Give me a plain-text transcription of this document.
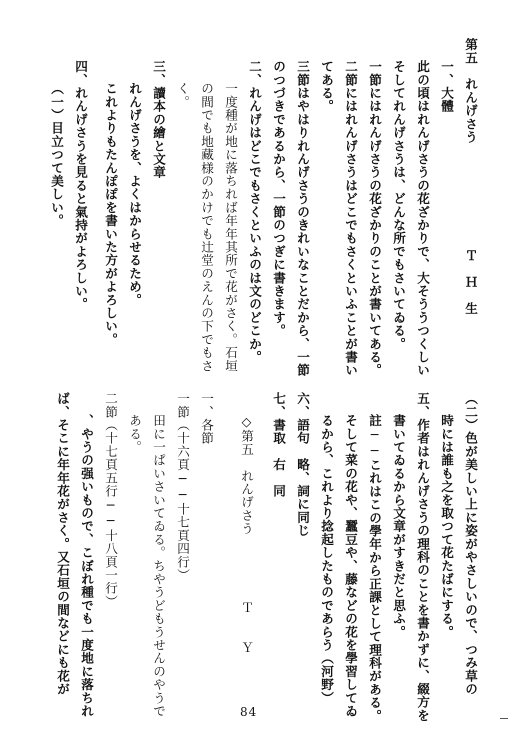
第五　れんげさう　　　　　　　　Ｔ　Ｈ　生
一、大體
此の頃はれんげさうの花ざかりで、大そううつくしい
そしてれんげさうは、どんな所でもさいてゐる。
一節にはれんげさうの花ざかりのことが書いてある。
二節にはれんげさうはどこでもさくといふことが書い
てある。
三節はやはりれんげさうのきれいなことだから、一節
のつづきであるから、一節のつぎに書きます。
二、れんげはどこでもさくといふのは文のどこか。
一度種が地に落ちれば年年其所で花がさく。石垣
の間でも地藏様のかけでも辻堂のえんの下でもさ
く。
三、讀本の繪と文章
れんげさうを、よくはからせるため。
これよりもたんぽぽを書いた方がよろしい。
四、れんげさうを見ると氣持がよろしい。
（一）目立つて美しい。
（二）色が美しい上に姿がやさしいので、つみ草の
時には誰も之を取つて花たばにする。
五、作者はれんげさうの理科のことを書かずに、綴方を
書いてゐるから文章がすきだと思ふ。
註──これはこの學年から正課として理科がある。
そして菜の花や、蠶豆や、藤などの花を學習してゐ
るから、これより捻起したものであらう（河野）
六、語句　略、詞に同じ
七、書取　右　同
◇第五　れんげさう　　　　　Ｔ　　Ｙ
一、各節
一節（十六頁──十七頁四行）
田に一ぱいさいてゐる。ちやうどもうせんのやうで
ある。
二節（十七頁五行──十八頁一行）
、やうの强いもので、こぼれ種でも一度地に落ちれ
ば、そこに年年花がさく。又石垣の間などにも花が
84
